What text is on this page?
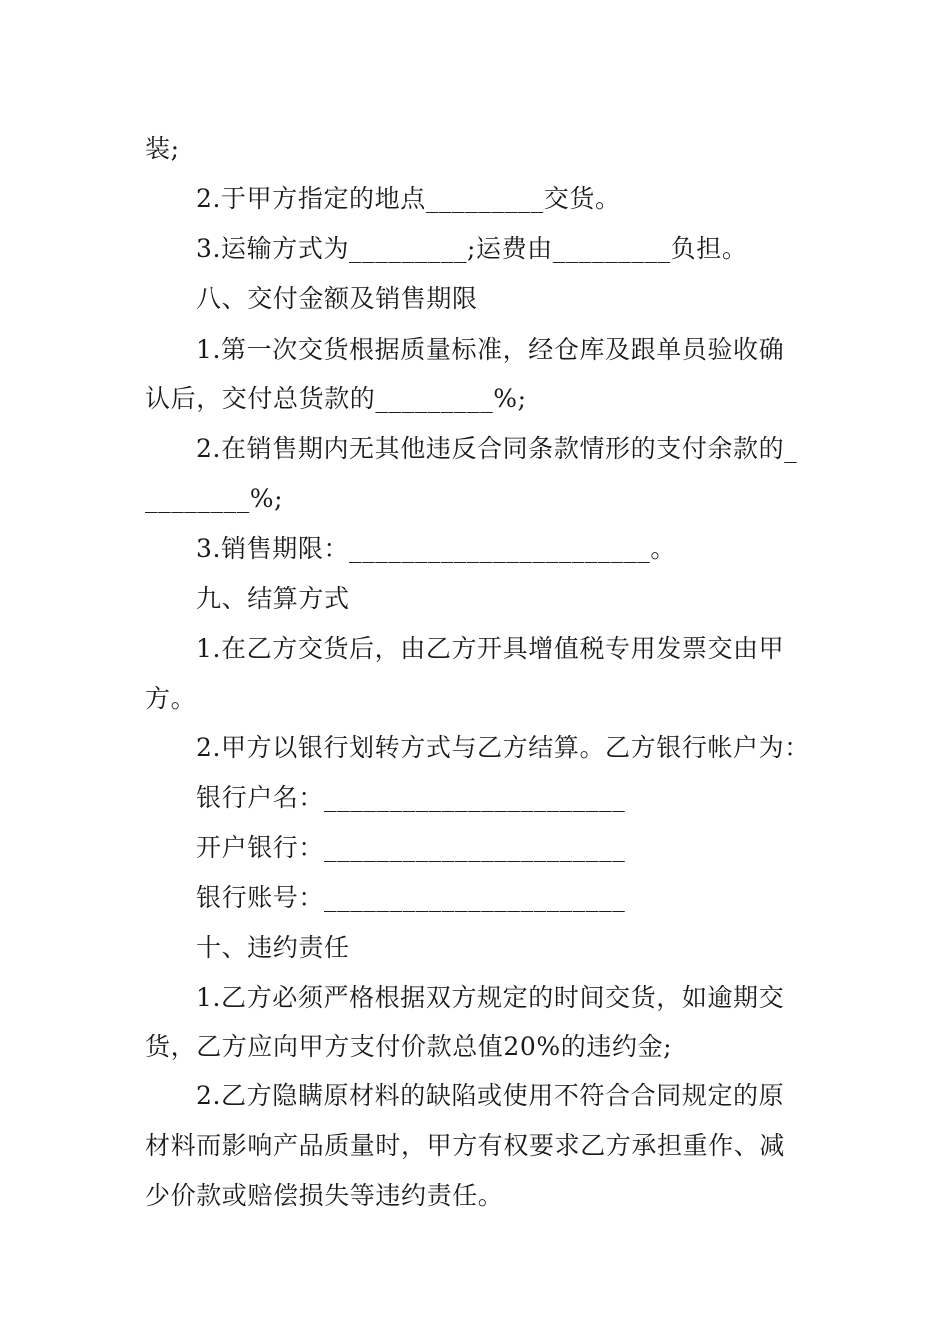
装;
2.于甲方指定的地点_________交货。
3.运输方式为_________;运费由_________负担。
八、交付金额及销售期限
1.第一次交货根据质量标准，经仓库及跟单员验收确
认后，交付总货款的_________%;
2.在销售期内无其他违反合同条款情形的支付余款的_
________%;
3.销售期限：_______________________。
九、结算方式
1.在乙方交货后，由乙方开具增值税专用发票交由甲
方。
2.甲方以银行划转方式与乙方结算。乙方银行帐户为：
银行户名：_______________________
开户银行：_______________________
银行账号：_______________________
十、违约责任
1.乙方必须严格根据双方规定的时间交货，如逾期交
货，乙方应向甲方支付价款总值20%的违约金;
2.乙方隐瞒原材料的缺陷或使用不符合合同规定的原
材料而影响产品质量时，甲方有权要求乙方承担重作、减
少价款或赔偿损失等违约责任。
